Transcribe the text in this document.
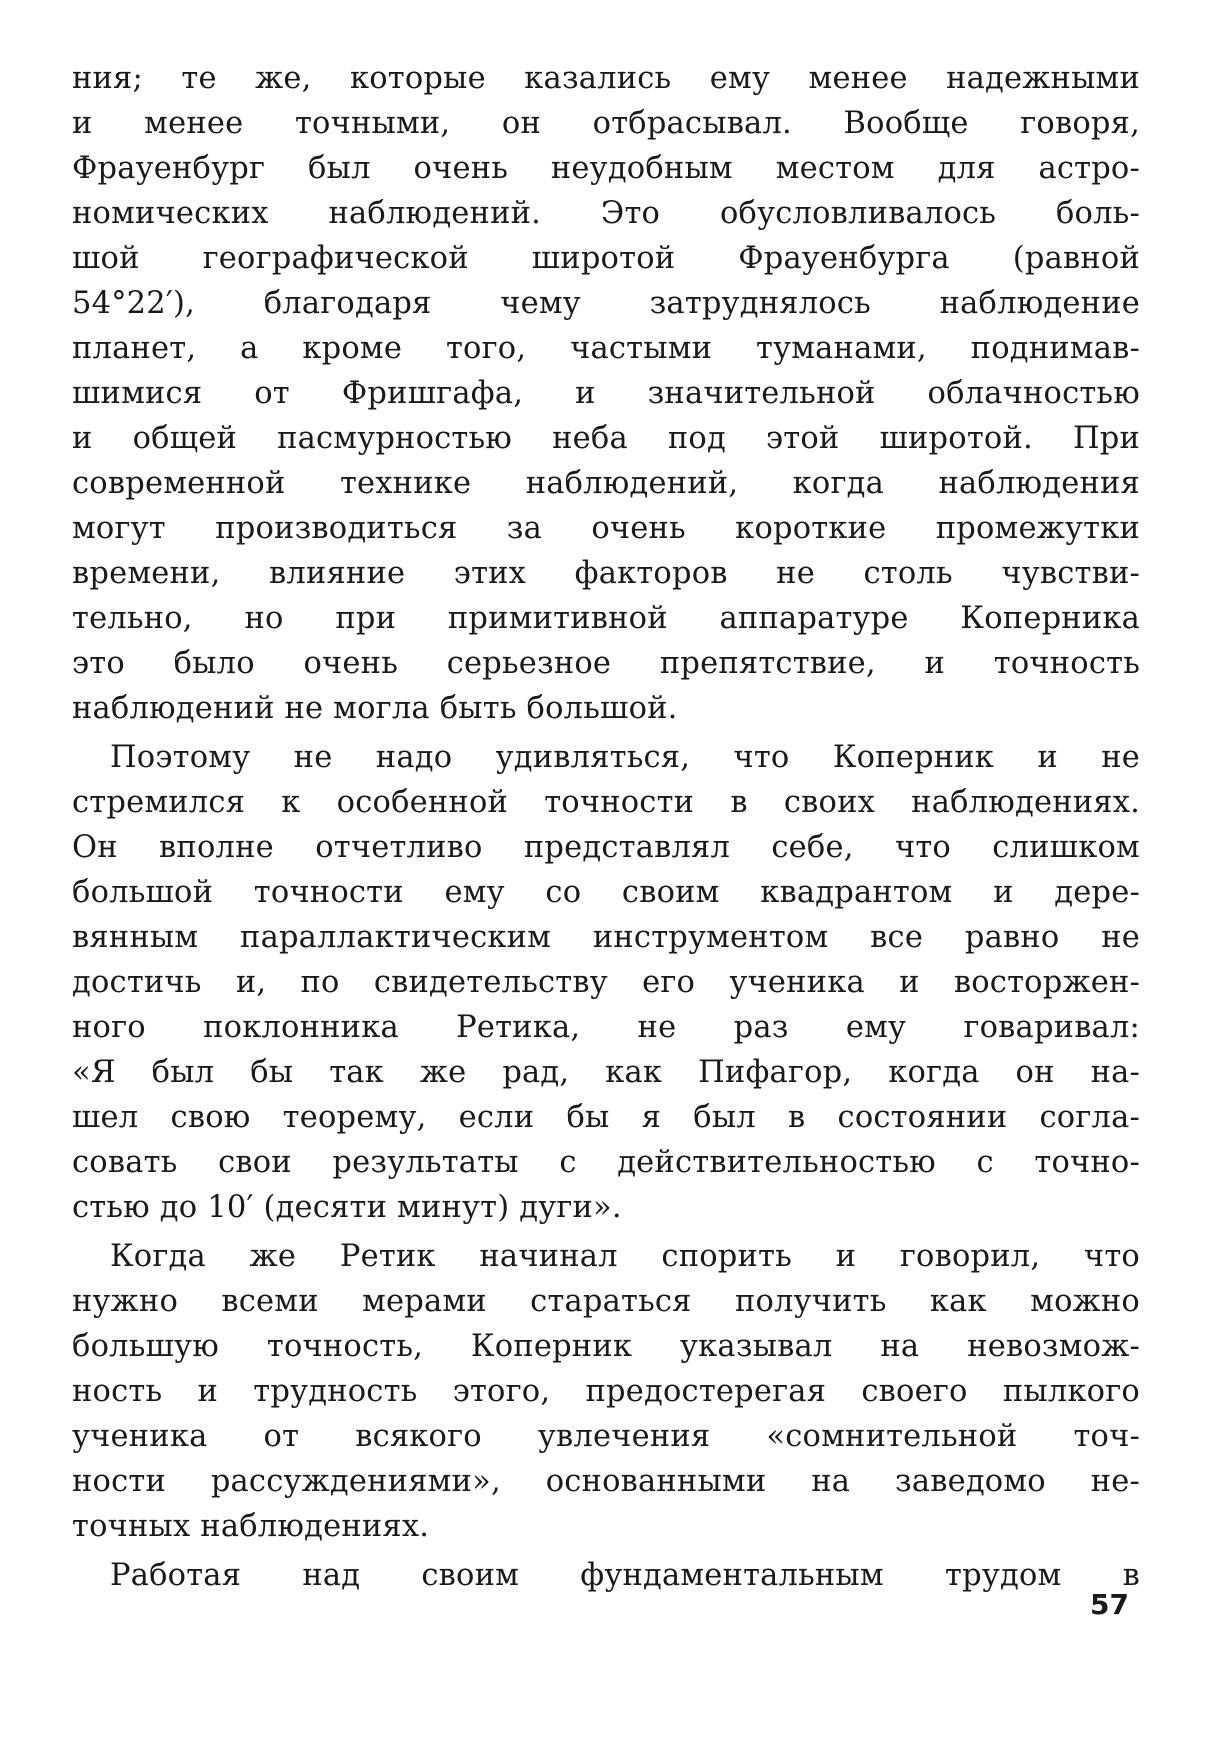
ния; те же, которые казались ему менее надежными
и менее точными, он отбрасывал. Вообще говоря,
Фрауенбург был очень неудобным местом для астро-
номических наблюдений. Это обусловливалось боль-
шой географической широтой Фрауенбурга (равной
54°22′), благодаря чему затруднялось наблюдение
планет, а кроме того, частыми туманами, поднимав-
шимися от Фришгафа, и значительной облачностью
и общей пасмурностью неба под этой широтой. При
современной технике наблюдений, когда наблюдения
могут производиться за очень короткие промежутки
времени, влияние этих факторов не столь чувстви-
тельно, но при примитивной аппаратуре Коперника
это было очень серьезное препятствие, и точность
наблюдений не могла быть большой.
Поэтому не надо удивляться, что Коперник и не
стремился к особенной точности в своих наблюдениях.
Он вполне отчетливо представлял себе, что слишком
большой точности ему со своим квадрантом и дере-
вянным параллактическим инструментом все равно не
достичь и, по свидетельству его ученика и восторжен-
ного поклонника Ретика, не раз ему говаривал:
«Я был бы так же рад, как Пифагор, когда он на-
шел свою теорему, если бы я был в состоянии согла-
совать свои результаты с действительностью с точно-
стью до 10′ (десяти минут) дуги».
Когда же Ретик начинал спорить и говорил, что
нужно всеми мерами стараться получить как можно
большую точность, Коперник указывал на невозмож-
ность и трудность этого, предостерегая своего пылкого
ученика от всякого увлечения «сомнительной точ-
ности рассуждениями», основанными на заведомо не-
точных наблюдениях.
Работая над своим фундаментальным трудом в
57
